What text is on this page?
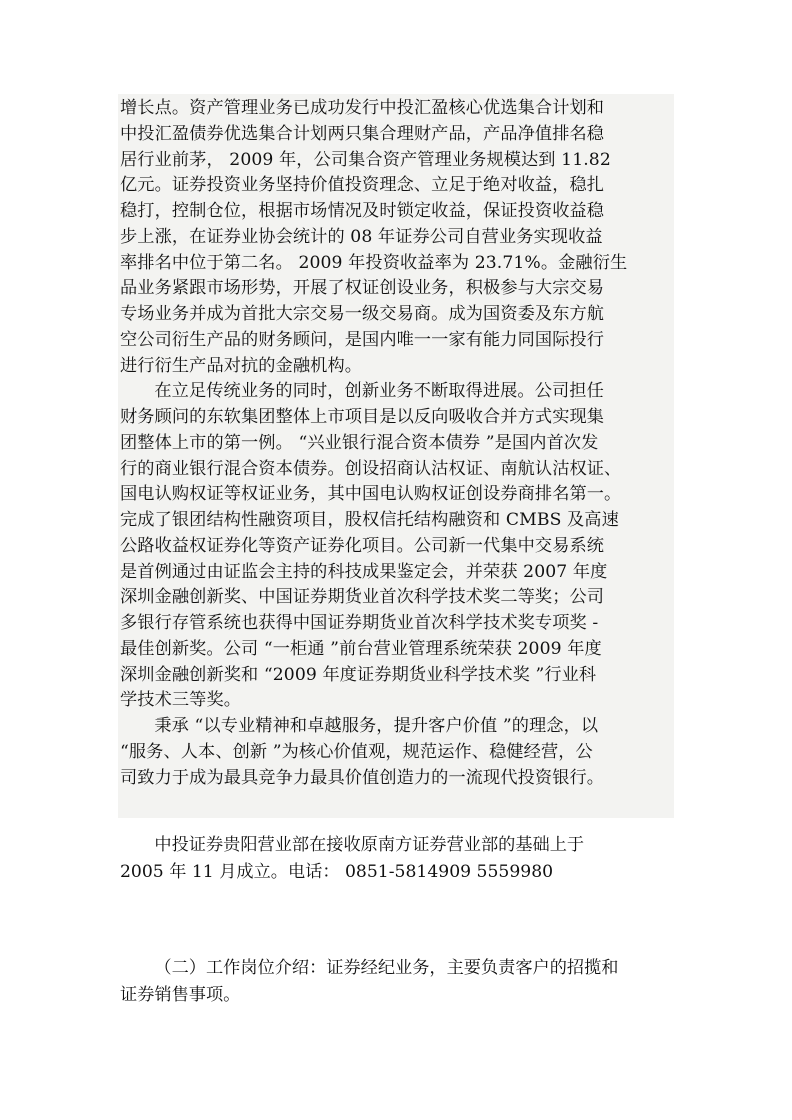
增长点。资产管理业务已成功发行中投汇盈核心优选集合计划和
中投汇盈债券优选集合计划两只集合理财产品，产品净值排名稳
居行业前茅， 2009 年，公司集合资产管理业务规模达到 11.82
亿元。证券投资业务坚持价值投资理念、立足于绝对收益，稳扎
稳打，控制仓位，根据市场情况及时锁定收益，保证投资收益稳
步上涨，在证券业协会统计的 08 年证券公司自营业务实现收益
率排名中位于第二名。 2009 年投资收益率为 23.71%。金融衍生
品业务紧跟市场形势，开展了权证创设业务，积极参与大宗交易
专场业务并成为首批大宗交易一级交易商。成为国资委及东方航
空公司衍生产品的财务顾问，是国内唯一一家有能力同国际投行
进行衍生产品对抗的金融机构。

在立足传统业务的同时，创新业务不断取得进展。公司担任
财务顾问的东软集团整体上市项目是以反向吸收合并方式实现集
团整体上市的第一例。 “兴业银行混合资本债券 ”是国内首次发
行的商业银行混合资本债券。创设招商认沽权证、南航认沽权证、
国电认购权证等权证业务，其中国电认购权证创设券商排名第一。
完成了银团结构性融资项目，股权信托结构融资和 CMBS 及高速
公路收益权证券化等资产证券化项目。公司新一代集中交易系统
是首例通过由证监会主持的科技成果鉴定会，并荣获 2007 年度
深圳金融创新奖、中国证券期货业首次科学技术奖二等奖；公司
多银行存管系统也获得中国证券期货业首次科学技术奖专项奖 -
最佳创新奖。公司 “一柜通 ”前台营业管理系统荣获 2009 年度
深圳金融创新奖和 “2009 年度证券期货业科学技术奖 ”行业科
学技术三等奖。

秉承 “以专业精神和卓越服务，提升客户价值 ”的理念，以
“服务、人本、创新 ”为核心价值观，规范运作、稳健经营，公
司致力于成为最具竞争力最具价值创造力的一流现代投资银行。

中投证券贵阳营业部在接收原南方证券营业部的基础上于
2005 年 11 月成立。电话： 0851-5814909 5559980

（二）工作岗位介绍：证券经纪业务，主要负责客户的招揽和
证券销售事项。
